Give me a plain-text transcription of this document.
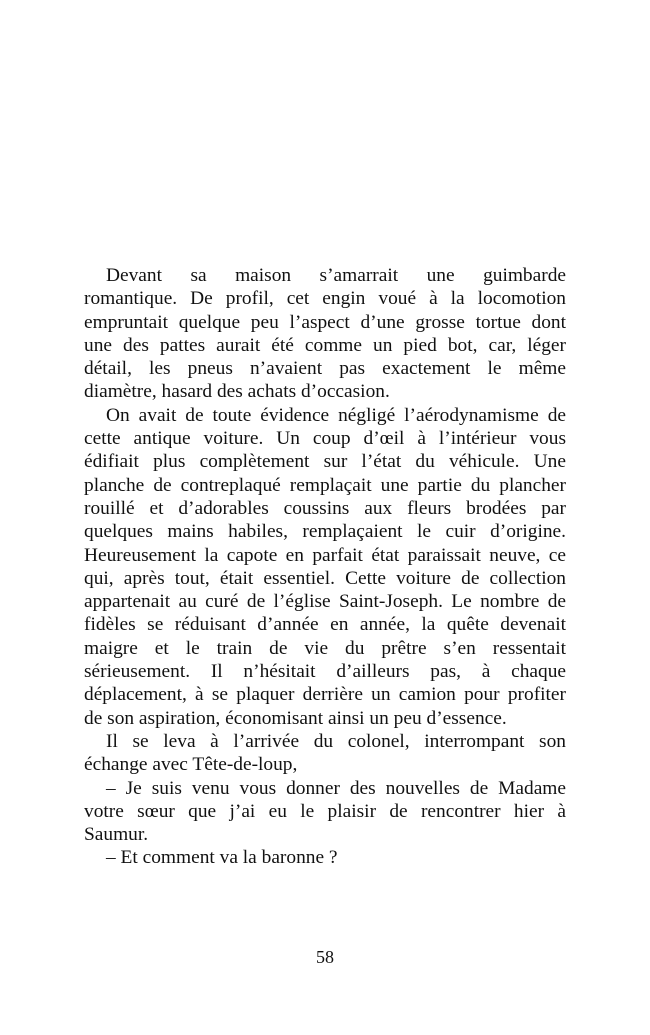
Devant sa maison s’amarrait une guimbarde
romantique. De profil, cet engin voué à la locomotion
empruntait quelque peu l’aspect d’une grosse tortue dont
une des pattes aurait été comme un pied bot, car, léger
détail, les pneus n’avaient pas exactement le même
diamètre, hasard des achats d’occasion.
On avait de toute évidence négligé l’aérodynamisme de
cette antique voiture. Un coup d’œil à l’intérieur vous
édifiait plus complètement sur l’état du véhicule. Une
planche de contreplaqué remplaçait une partie du plancher
rouillé et d’adorables coussins aux fleurs brodées par
quelques mains habiles, remplaçaient le cuir d’origine.
Heureusement la capote en parfait état paraissait neuve, ce
qui, après tout, était essentiel. Cette voiture de collection
appartenait au curé de l’église Saint-Joseph. Le nombre de
fidèles se réduisant d’année en année, la quête devenait
maigre et le train de vie du prêtre s’en ressentait
sérieusement. Il n’hésitait d’ailleurs pas, à chaque
déplacement, à se plaquer derrière un camion pour profiter
de son aspiration, économisant ainsi un peu d’essence.
Il se leva à l’arrivée du colonel, interrompant son
échange avec Tête-de-loup,
– Je suis venu vous donner des nouvelles de Madame
votre sœur que j’ai eu le plaisir de rencontrer hier à
Saumur.
– Et comment va la baronne ?
58
